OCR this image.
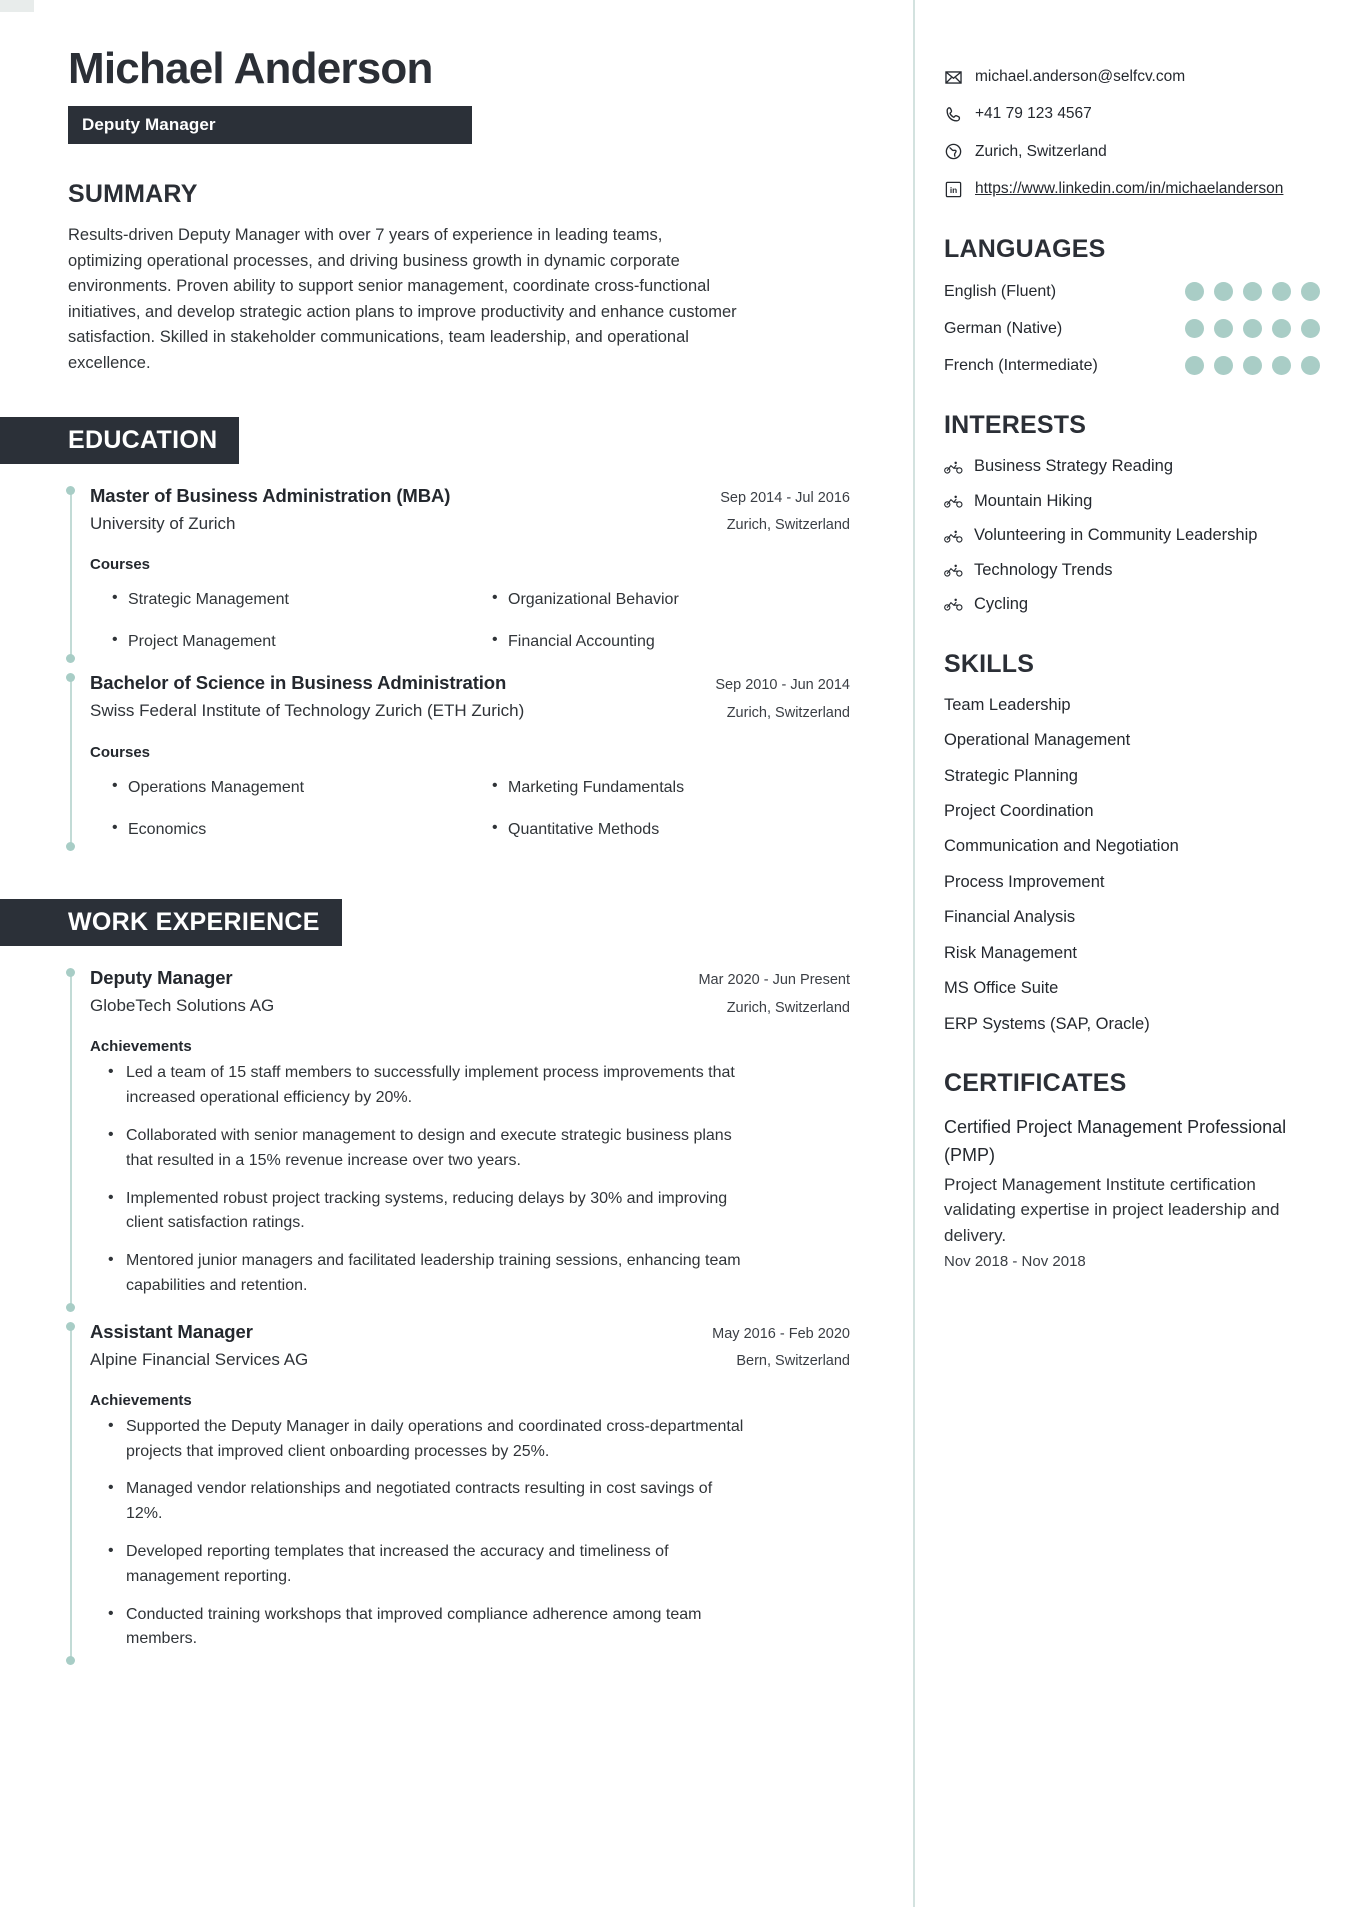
Michael Anderson
Deputy Manager
SUMMARY
Results-driven Deputy Manager with over 7 years of experience in leading teams, optimizing operational processes, and driving business growth in dynamic corporate environments. Proven ability to support senior management, coordinate cross-functional initiatives, and develop strategic action plans to improve productivity and enhance customer satisfaction. Skilled in stakeholder communications, team leadership, and operational excellence.
EDUCATION
Master of Business Administration (MBA)
University of Zurich
Sep 2014 - Jul 2016
Zurich, Switzerland
Courses
• Strategic Management	• Organizational Behavior
• Project Management	• Financial Accounting
Bachelor of Science in Business Administration
Swiss Federal Institute of Technology Zurich (ETH Zurich)
Sep 2010 - Jun 2014
Zurich, Switzerland
Courses
• Operations Management	• Marketing Fundamentals
• Economics	• Quantitative Methods
WORK EXPERIENCE
Deputy Manager
GlobeTech Solutions AG
Mar 2020 - Jun Present
Zurich, Switzerland
Achievements
• Led a team of 15 staff members to successfully implement process improvements that increased operational efficiency by 20%.
• Collaborated with senior management to design and execute strategic business plans that resulted in a 15% revenue increase over two years.
• Implemented robust project tracking systems, reducing delays by 30% and improving client satisfaction ratings.
• Mentored junior managers and facilitated leadership training sessions, enhancing team capabilities and retention.
Assistant Manager
Alpine Financial Services AG
May 2016 - Feb 2020
Bern, Switzerland
Achievements
• Supported the Deputy Manager in daily operations and coordinated cross-departmental projects that improved client onboarding processes by 25%.
• Managed vendor relationships and negotiated contracts resulting in cost savings of 12%.
• Developed reporting templates that increased the accuracy and timeliness of management reporting.
• Conducted training workshops that improved compliance adherence among team members.
michael.anderson@selfcv.com
+41 79 123 4567
Zurich, Switzerland
in https://www.linkedin.com/in/michaelanderson
LANGUAGES
English (Fluent)
German (Native)
French (Intermediate)
INTERESTS
Business Strategy Reading
Mountain Hiking
Volunteering in Community Leadership
Technology Trends
Cycling
SKILLS
Team Leadership
Operational Management
Strategic Planning
Project Coordination
Communication and Negotiation
Process Improvement
Financial Analysis
Risk Management
MS Office Suite
ERP Systems (SAP, Oracle)
CERTIFICATES
Certified Project Management Professional (PMP)
Project Management Institute certification validating expertise in project leadership and delivery.
Nov 2018 - Nov 2018
